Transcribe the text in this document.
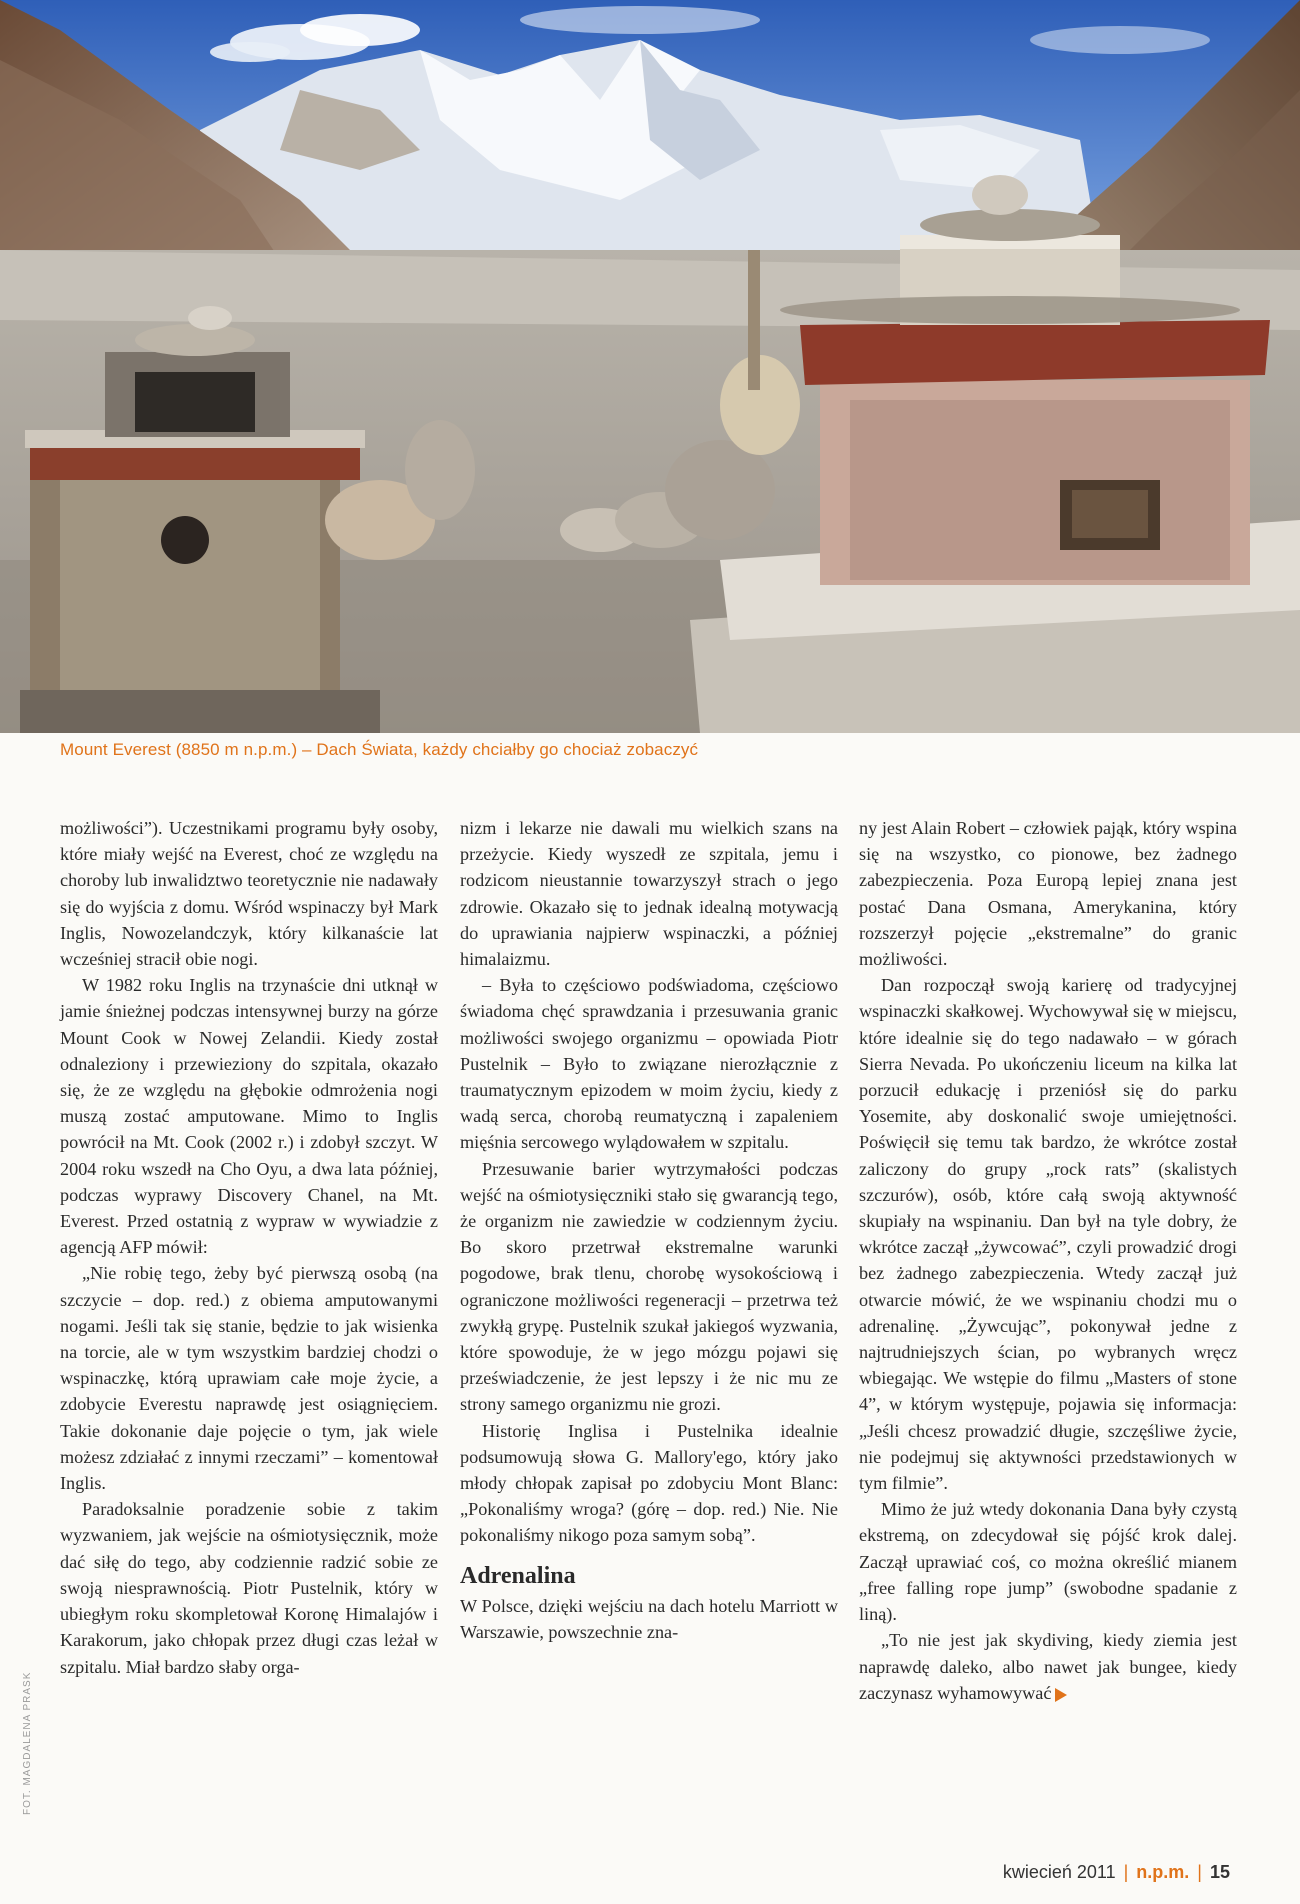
Mount Everest (8850 m n.p.m.) – Dach Świata, każdy chciałby go chociaż zobaczyć

możliwości”). Uczestnikami programu były osoby, które miały wejść na Everest, choć ze względu na choroby lub inwalidztwo teoretycznie nie nadawały się do wyjścia z domu. Wśród wspinaczy był Mark Inglis, Nowozelandczyk, który kilkanaście lat wcześniej stracił obie nogi.

W 1982 roku Inglis na trzynaście dni utknął w jamie śnieżnej podczas intensywnej burzy na górze Mount Cook w Nowej Zelandii. Kiedy został odnaleziony i przewieziony do szpitala, okazało się, że ze względu na głębokie odmrożenia nogi muszą zostać amputowane. Mimo to Inglis powrócił na Mt. Cook (2002 r.) i zdobył szczyt. W 2004 roku wszedł na Cho Oyu, a dwa lata później, podczas wyprawy Discovery Chanel, na Mt. Everest. Przed ostatnią z wypraw w wywiadzie z agencją AFP mówił:

„Nie robię tego, żeby być pierwszą osobą (na szczycie – dop. red.) z obiema amputowanymi nogami. Jeśli tak się stanie, będzie to jak wisienka na torcie, ale w tym wszystkim bardziej chodzi o wspinaczkę, którą uprawiam całe moje życie, a zdobycie Everestu naprawdę jest osiągnięciem. Takie dokonanie daje pojęcie o tym, jak wiele możesz zdziałać z innymi rzeczami” – komentował Inglis.

Paradoksalnie poradzenie sobie z takim wyzwaniem, jak wejście na ośmiotysięcznik, może dać siłę do tego, aby codziennie radzić sobie ze swoją niesprawnością. Piotr Pustelnik, który w ubiegłym roku skompletował Koronę Himalajów i Karakorum, jako chłopak przez długi czas leżał w szpitalu. Miał bardzo słaby orga-

nizm i lekarze nie dawali mu wielkich szans na przeżycie. Kiedy wyszedł ze szpitala, jemu i rodzicom nieustannie towarzyszył strach o jego zdrowie. Okazało się to jednak idealną motywacją do uprawiania najpierw wspinaczki, a później himalaizmu.

– Była to częściowo podświadoma, częściowo świadoma chęć sprawdzania i przesuwania granic możliwości swojego organizmu – opowiada Piotr Pustelnik – Było to związane nierozłącznie z traumatycznym epizodem w moim życiu, kiedy z wadą serca, chorobą reumatyczną i zapaleniem mięśnia sercowego wylądowałem w szpitalu.

Przesuwanie barier wytrzymałości podczas wejść na ośmiotysięczniki stało się gwarancją tego, że organizm nie zawiedzie w codziennym życiu. Bo skoro przetrwał ekstremalne warunki pogodowe, brak tlenu, chorobę wysokościową i ograniczone możliwości regeneracji – przetrwa też zwykłą grypę. Pustelnik szukał jakiegoś wyzwania, które spowoduje, że w jego mózgu pojawi się przeświadczenie, że jest lepszy i że nic mu ze strony samego organizmu nie grozi.

Historię Inglisa i Pustelnika idealnie podsumowują słowa G. Mallory'ego, który jako młody chłopak zapisał po zdobyciu Mont Blanc: „Pokonaliśmy wroga? (górę – dop. red.) Nie. Nie pokonaliśmy nikogo poza samym sobą”.

Adrenalina

W Polsce, dzięki wejściu na dach hotelu Marriott w Warszawie, powszechnie zna-

ny jest Alain Robert – człowiek pająk, który wspina się na wszystko, co pionowe, bez żadnego zabezpieczenia. Poza Europą lepiej znana jest postać Dana Osmana, Amerykanina, który rozszerzył pojęcie „ekstremalne” do granic możliwości.

Dan rozpoczął swoją karierę od tradycyjnej wspinaczki skałkowej. Wychowywał się w miejscu, które idealnie się do tego nadawało – w górach Sierra Nevada. Po ukończeniu liceum na kilka lat porzucił edukację i przeniósł się do parku Yosemite, aby doskonalić swoje umiejętności. Poświęcił się temu tak bardzo, że wkrótce został zaliczony do grupy „rock rats” (skalistych szczurów), osób, które całą swoją aktywność skupiały na wspinaniu. Dan był na tyle dobry, że wkrótce zaczął „żywcować”, czyli prowadzić drogi bez żadnego zabezpieczenia. Wtedy zaczął już otwarcie mówić, że we wspinaniu chodzi mu o adrenalinę. „Żywcując”, pokonywał jedne z najtrudniejszych ścian, po wybranych wręcz wbiegając. We wstępie do filmu „Masters of stone 4”, w którym występuje, pojawia się informacja: „Jeśli chcesz prowadzić długie, szczęśliwe życie, nie podejmuj się aktywności przedstawionych w tym filmie”.

Mimo że już wtedy dokonania Dana były czystą ekstremą, on zdecydował się pójść krok dalej. Zaczął uprawiać coś, co można określić mianem „free falling rope jump” (swobodne spadanie z liną).

„To nie jest jak skydiving, kiedy ziemia jest naprawdę daleko, albo nawet jak bungee, kiedy zaczynasz wyhamowywać

FOT. MAGDALENA PRASK
kwiecień 2011 | n.p.m. | 15
